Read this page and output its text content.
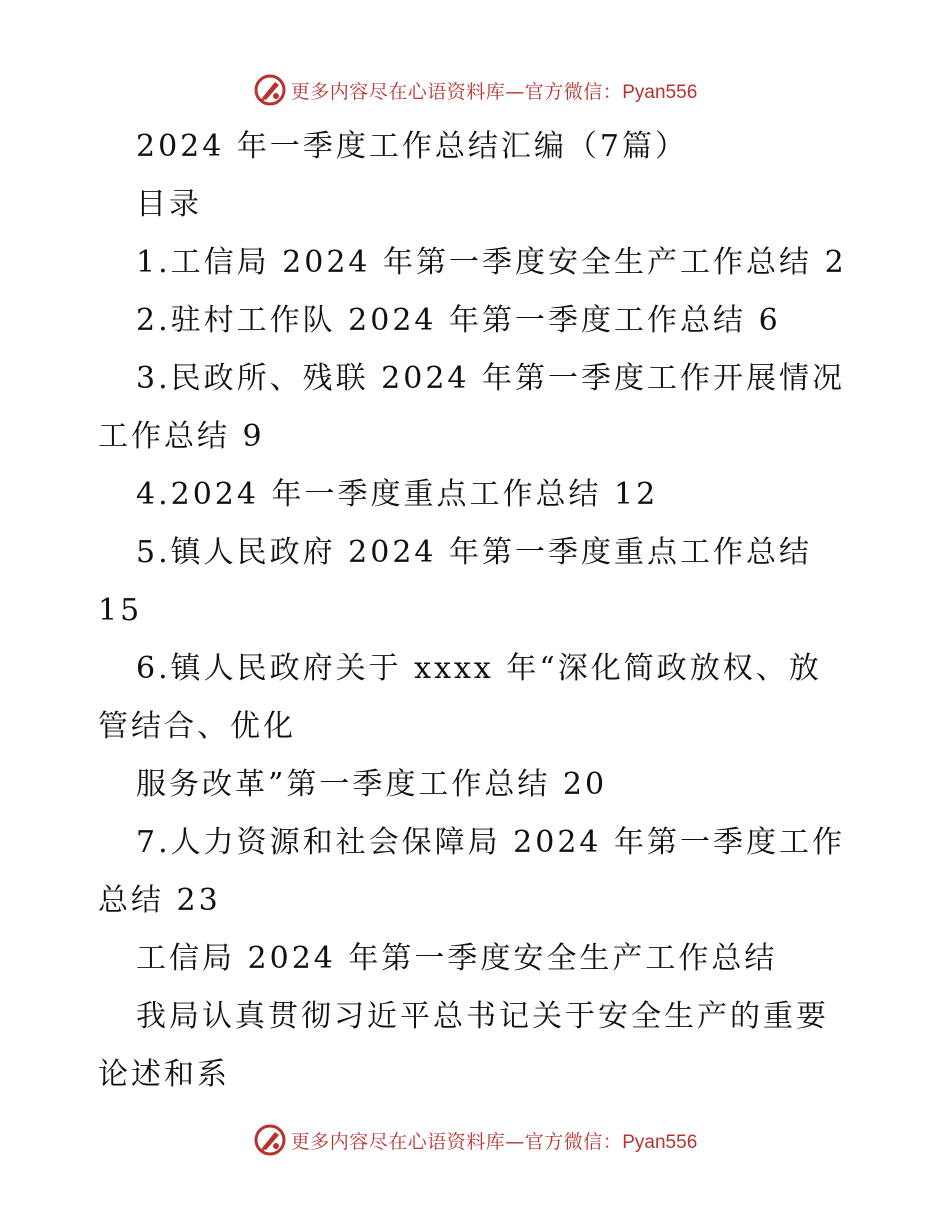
更多内容尽在心语资料库—官方微信：Pyan556
2024 年一季度工作总结汇编（7篇）
目录
1.工信局 2024 年第一季度安全生产工作总结 2
2.驻村工作队 2024 年第一季度工作总结 6
3.民政所、残联 2024 年第一季度工作开展情况
工作总结 9
4.2024 年一季度重点工作总结 12
5.镇人民政府 2024 年第一季度重点工作总结
15
6.镇人民政府关于 xxxx 年“深化简政放权、放
管结合、优化
服务改革”第一季度工作总结 20
7.人力资源和社会保障局 2024 年第一季度工作
总结 23
工信局 2024 年第一季度安全生产工作总结
我局认真贯彻习近平总书记关于安全生产的重要
论述和系
更多内容尽在心语资料库—官方微信：Pyan556
